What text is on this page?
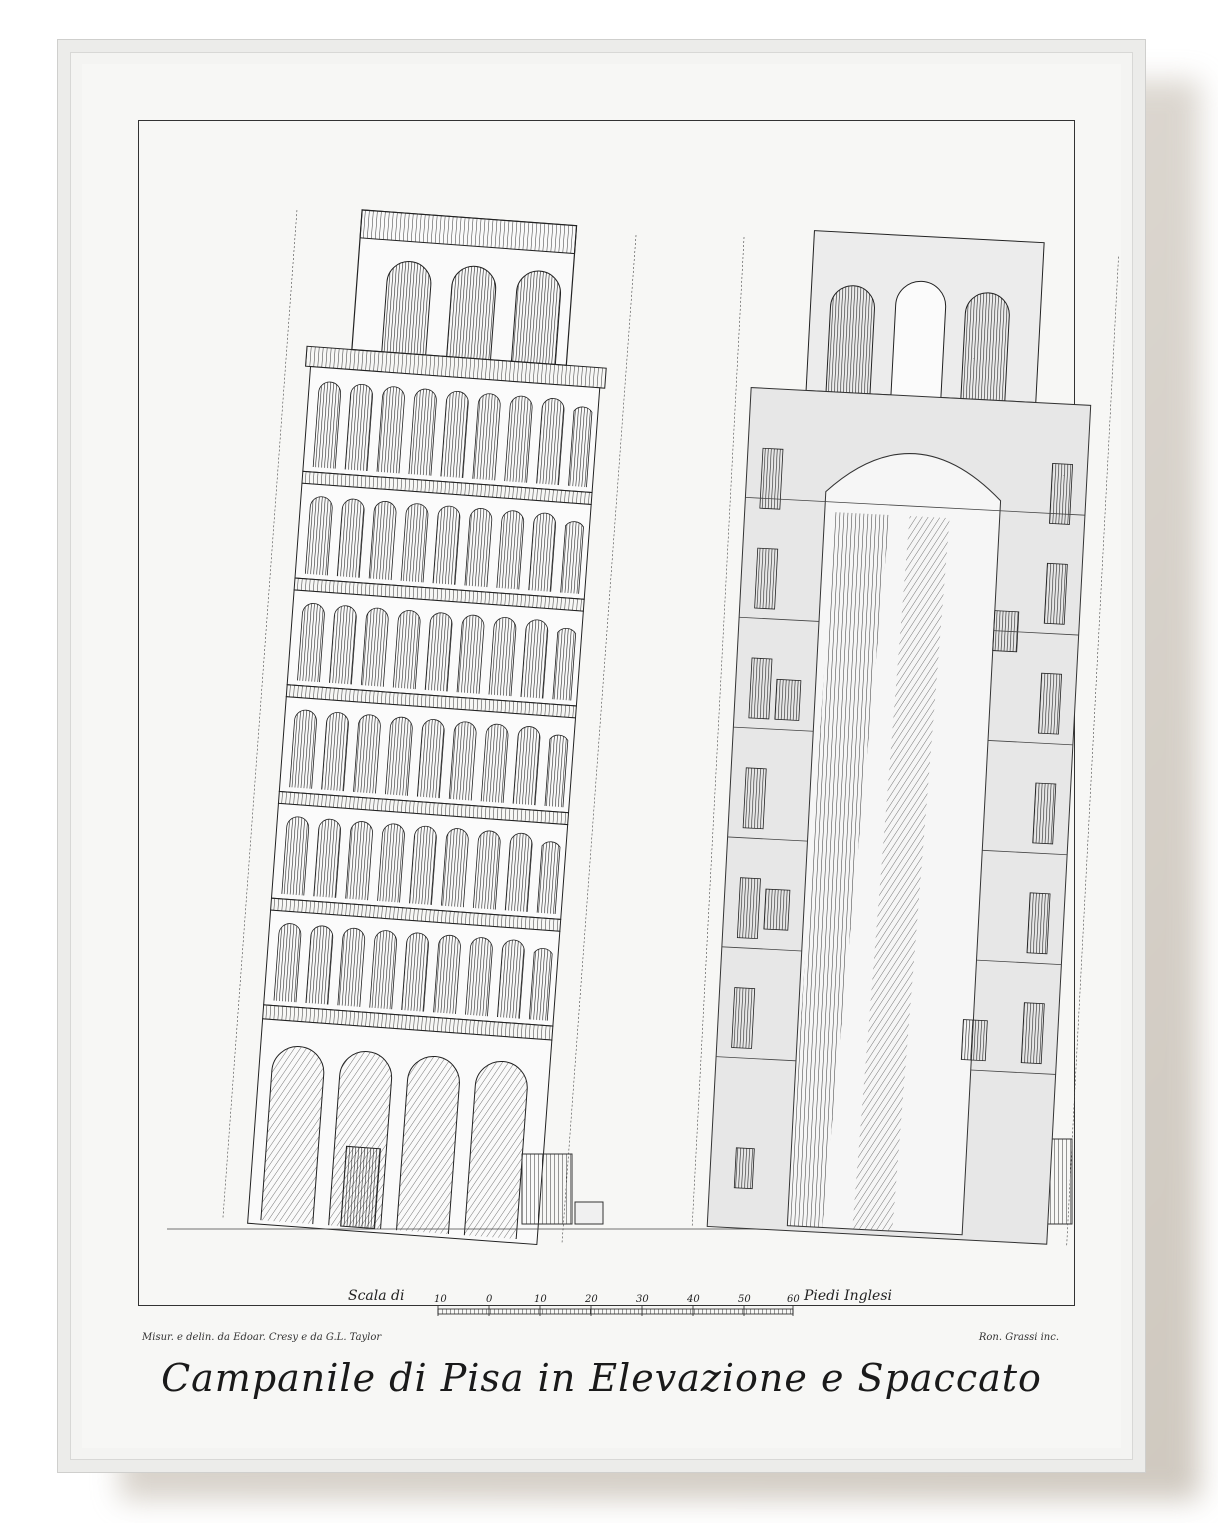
10	0	10	20	30	40	50	60
Scala di	Piedi Inglesi
Misur. e delin. da Edoar. Cresy e da G.L. Taylor	Ron. Grassi inc.
Campanile di Pisa in Elevazione e Spaccato
